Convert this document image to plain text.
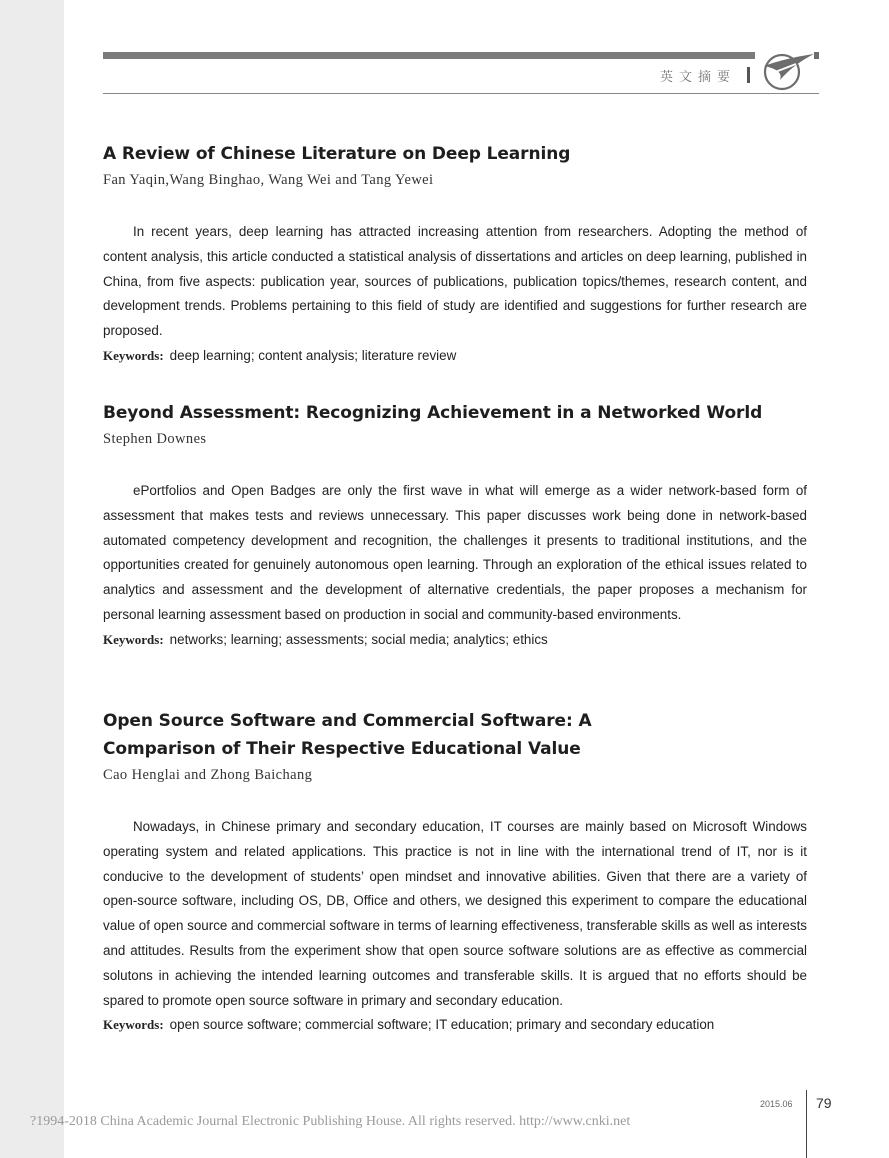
英文摘要
A Review of Chinese Literature on Deep Learning

Fan Yaqin,Wang Binghao, Wang Wei and Tang Yewei

In recent years, deep learning has attracted increasing attention from researchers. Adopting the method of content analysis, this article conducted a statistical analysis of dissertations and articles on deep learning, published in China, from five aspects: publication year, sources of publications, publication topics/themes, research content, and development trends. Problems pertaining to this field of study are identified and suggestions for further research are proposed.

Keywords: deep learning; content analysis; literature review

Beyond Assessment: Recognizing Achievement in a Networked World

Stephen Downes

ePortfolios and Open Badges are only the first wave in what will emerge as a wider network-based form of assessment that makes tests and reviews unnecessary. This paper discusses work being done in network-based automated competency development and recognition, the challenges it presents to traditional institutions, and the opportunities created for genuinely autonomous open learning. Through an exploration of the ethical issues related to analytics and assessment and the development of alternative credentials, the paper proposes a mechanism for personal learning assessment based on production in social and community-based environments.

Keywords: networks; learning; assessments; social media; analytics; ethics

Open Source Software and Commercial Software: A Comparison of Their Respective Educational Value

Cao Henglai and Zhong Baichang

Nowadays, in Chinese primary and secondary education, IT courses are mainly based on Microsoft Windows operating system and related applications. This practice is not in line with the international trend of IT, nor is it conducive to the development of students’ open mindset and innovative abilities. Given that there are a variety of open-source software, including OS, DB, Office and others, we designed this experiment to compare the educational value of open source and commercial software in terms of learning effectiveness, transferable skills as well as interests and attitudes. Results from the experiment show that open source software solutions are as effective as commercial solutons in achieving the intended learning outcomes and transferable skills. It is argued that no efforts should be spared to promote open source software in primary and secondary education.

Keywords: open source software; commercial software; IT education; primary and secondary education

2015.06 79
?1994-2018 China Academic Journal Electronic Publishing House. All rights reserved. http://www.cnki.net
